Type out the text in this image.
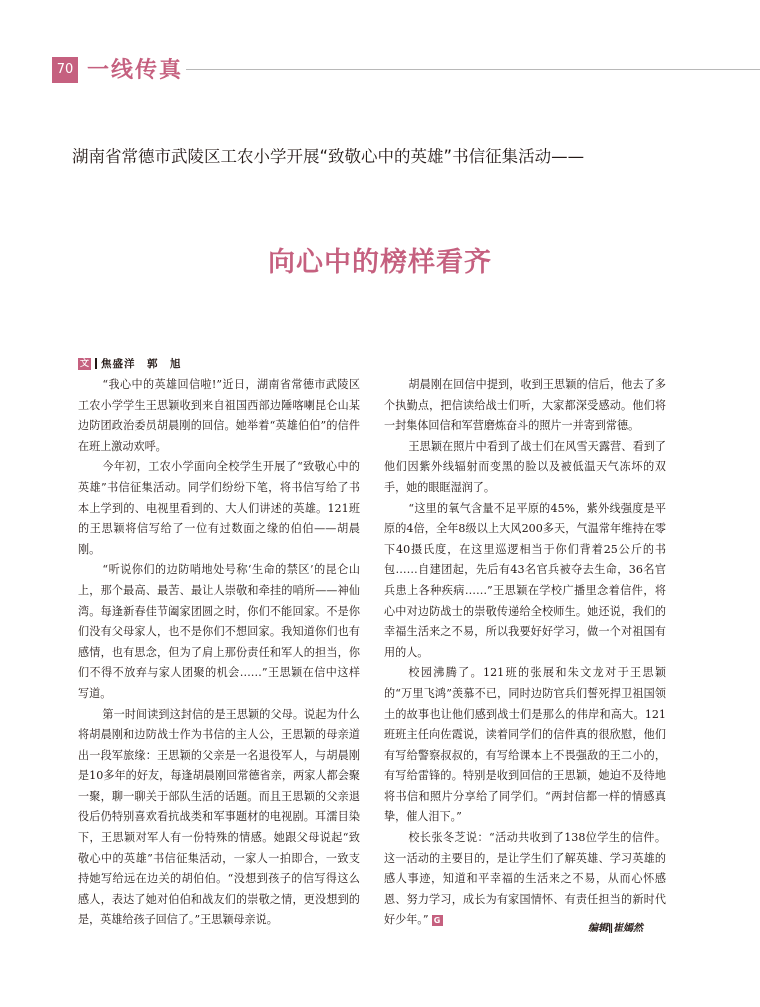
70 一线传真
湖南省常德市武陵区工农小学开展“致敬心中的英雄”书信征集活动——
向心中的榜样看齐
文 焦盛洋　郭　旭

“我心中的英雄回信啦!”近日，湖南省常德市武陵区工农小学学生王思颖收到来自祖国西部边陲喀喇昆仑山某边防团政治委员胡晨刚的回信。她举着“英雄伯伯”的信件在班上激动欢呼。

今年初，工农小学面向全校学生开展了“致敬心中的英雄”书信征集活动。同学们纷纷下笔，将书信写给了书本上学到的、电视里看到的、大人们讲述的英雄。121班的王思颖将信写给了一位有过数面之缘的伯伯——胡晨刚。

“听说你们的边防哨地处号称‘生命的禁区’的昆仑山上，那个最高、最苦、最让人崇敬和牵挂的哨所——神仙湾。每逢新春佳节阖家团圆之时，你们不能回家。不是你们没有父母家人，也不是你们不想回家。我知道你们也有感情，也有思念，但为了肩上那份责任和军人的担当，你们不得不放弃与家人团聚的机会……”王思颖在信中这样写道。

第一时间读到这封信的是王思颖的父母。说起为什么将胡晨刚和边防战士作为书信的主人公，王思颖的母亲道出一段军旅缘：王思颖的父亲是一名退役军人，与胡晨刚是10多年的好友，每逢胡晨刚回常德省亲，两家人都会聚一聚，聊一聊关于部队生活的话题。而且王思颖的父亲退役后仍特别喜欢看抗战类和军事题材的电视剧。耳濡目染下，王思颖对军人有一份特殊的情感。她跟父母说起“致敬心中的英雄”书信征集活动，一家人一拍即合，一致支持她写给远在边关的胡伯伯。“没想到孩子的信写得这么感人，表达了她对伯伯和战友们的崇敬之情，更没想到的是，英雄给孩子回信了。”王思颖母亲说。

胡晨刚在回信中提到，收到王思颖的信后，他去了多个执勤点，把信读给战士们听，大家都深受感动。他们将一封集体回信和军营磨炼奋斗的照片一并寄到常德。

王思颖在照片中看到了战士们在风雪天露营、看到了他们因紫外线辐射而变黑的脸以及被低温天气冻坏的双手，她的眼眶湿润了。

“这里的氧气含量不足平原的45%，紫外线强度是平原的4倍，全年8级以上大风200多天，气温常年维持在零下40摄氏度，在这里巡逻相当于你们背着25公斤的书包……自建团起，先后有43名官兵被夺去生命，36名官兵患上各种疾病……”王思颖在学校广播里念着信件，将心中对边防战士的崇敬传递给全校师生。她还说，我们的幸福生活来之不易，所以我要好好学习，做一个对祖国有用的人。

校园沸腾了。121班的张展和朱文龙对于王思颖的“万里飞鸿”羡慕不已，同时边防官兵们誓死捍卫祖国领土的故事也让他们感到战士们是那么的伟岸和高大。121班班主任向佐霞说，读着同学们的信件真的很欣慰，他们有写给警察叔叔的，有写给课本上不畏强敌的王二小的，有写给雷锋的。特别是收到回信的王思颖，她迫不及待地将书信和照片分享给了同学们。“两封信都一样的情感真挚，催人泪下。”

校长张冬芝说：“活动共收到了138位学生的信件。这一活动的主要目的，是让学生们了解英雄、学习英雄的感人事迹，知道和平幸福的生活来之不易，从而心怀感恩、努力学习，成长为有家国情怀、有责任担当的新时代好少年。” G

编辑∥崔嫣然
